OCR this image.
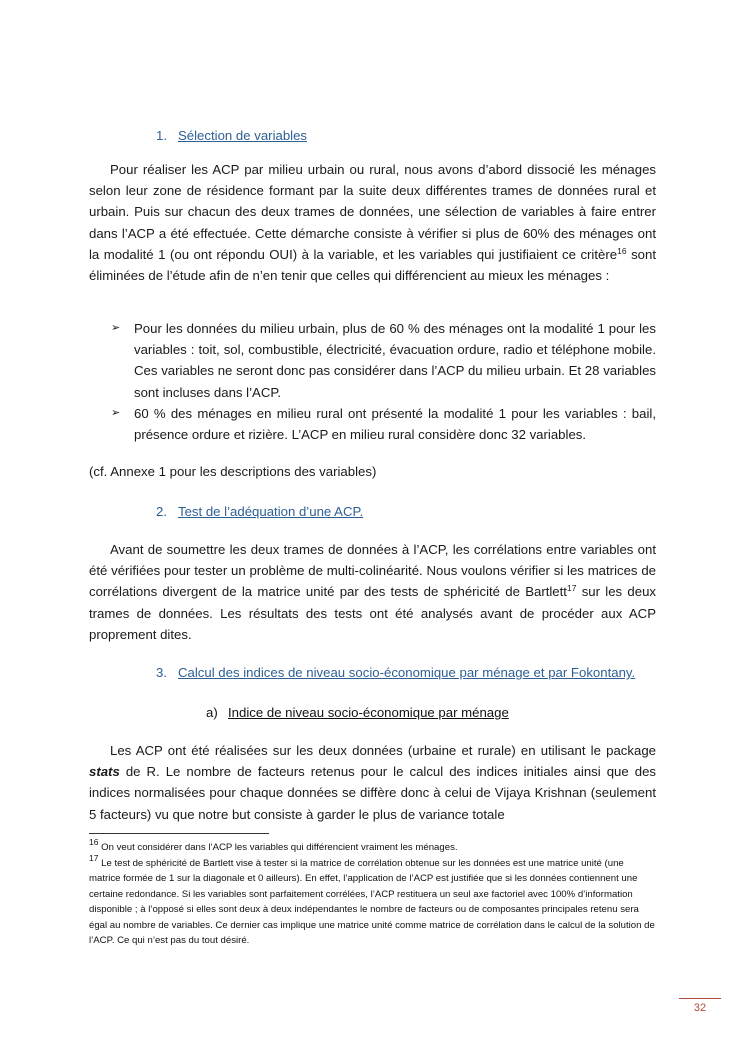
1. Sélection de variables

Pour réaliser les ACP par milieu urbain ou rural, nous avons d’abord dissocié les ménages selon leur zone de résidence formant par la suite deux différentes trames de données rural et urbain. Puis sur chacun des deux trames de données, une sélection de variables à faire entrer dans l’ACP a été effectuée. Cette démarche consiste à vérifier si plus de 60% des ménages ont la modalité 1 (ou ont répondu OUI) à la variable, et les variables qui justifiaient ce critère$^{16}$ sont éliminées de l’étude afin de n’en tenir que celles qui différencient au mieux les ménages :

➢ Pour les données du milieu urbain, plus de 60 % des ménages ont la modalité 1 pour les variables : toit, sol, combustible, électricité, évacuation ordure, radio et téléphone mobile. Ces variables ne seront donc pas considérer dans l’ACP du milieu urbain. Et 28 variables sont incluses dans l’ACP.
➢ 60 % des ménages en milieu rural ont présenté la modalité 1 pour les variables : bail, présence ordure et rizière. L’ACP en milieu rural considère donc 32 variables.

(cf. Annexe 1 pour les descriptions des variables)

2. Test de l’adéquation d’une ACP.

Avant de soumettre les deux trames de données à l’ACP, les corrélations entre variables ont été vérifiées pour tester un problème de multi-colinéarité. Nous voulons vérifier si les matrices de corrélations divergent de la matrice unité par des tests de sphéricité de Bartlett$^{17}$ sur les deux trames de données. Les résultats des tests ont été analysés avant de procéder aux ACP proprement dites.

3. Calcul des indices de niveau socio-économique par ménage et par Fokontany.
a) Indice de niveau socio-économique par ménage

Les ACP ont été réalisées sur les deux données (urbaine et rurale) en utilisant le package stats de R. Le nombre de facteurs retenus pour le calcul des indices initiales ainsi que des indices normalisées pour chaque données se diffère donc à celui de Vijaya Krishnan (seulement 5 facteurs) vu que notre but consiste à garder le plus de variance totale

$^{16}$ On veut considérer dans l’ACP les variables qui différencient vraiment les ménages.

$^{17}$ Le test de sphéricité de Bartlett vise à tester si la matrice de corrélation obtenue sur les données est une matrice unité (une matrice formée de 1 sur la diagonale et 0 ailleurs). En effet, l’application de l’ACP est justifiée que si les données contiennent une certaine redondance. Si les variables sont parfaitement corrélées, l’ACP restituera un seul axe factoriel avec 100% d’information disponible ; à l’opposé si elles sont deux à deux indépendantes le nombre de facteurs ou de composantes principales retenu sera égal au nombre de variables. Ce dernier cas implique une matrice unité comme matrice de corrélation dans le calcul de la solution de l’ACP. Ce qui n’est pas du tout désiré.

32
